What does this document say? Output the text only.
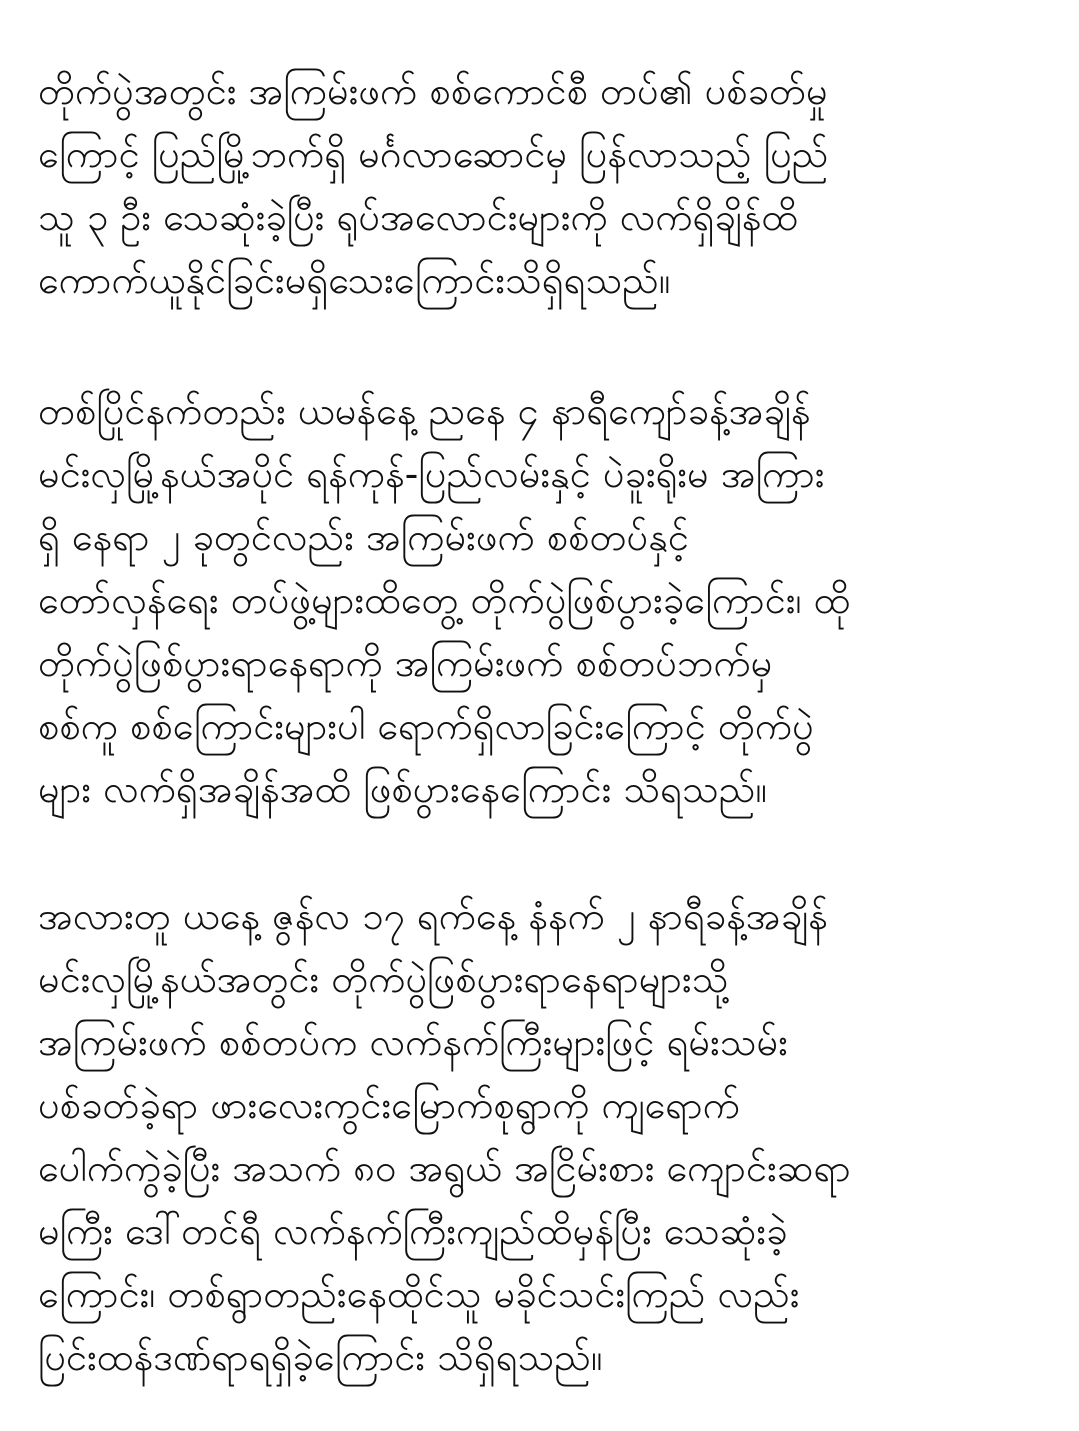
တိုက်ပွဲအတွင်း အကြမ်းဖက် စစ်ကောင်စီ တပ်၏ ပစ်ခတ်မှု
ကြောင့် ပြည်မြို့ဘက်ရှိ မင်္ဂလာဆောင်မှ ပြန်လာသည့် ပြည်
သူ ၃ ဦး သေဆုံးခဲ့ပြီး ရုပ်အလောင်းများကို လက်ရှိချိန်ထိ
ကောက်ယူနိုင်ခြင်းမရှိသေးကြောင်းသိရှိရသည်။
တစ်ပြိုင်နက်တည်း ယမန်နေ့ ညနေ ၄ နာရီကျော်ခန့်အချိန်
မင်းလှမြို့နယ်အပိုင် ရန်ကုန်-ပြည်လမ်းနှင့် ပဲခူးရိုးမ အကြား
ရှိ နေရာ ၂ ခုတွင်လည်း အကြမ်းဖက် စစ်တပ်နှင့်
တော်လှန်ရေး တပ်ဖွဲ့များထိတွေ့ တိုက်ပွဲဖြစ်ပွားခဲ့ကြောင်း၊ ထို
တိုက်ပွဲဖြစ်ပွားရာနေရာကို အကြမ်းဖက် စစ်တပ်ဘက်မှ
စစ်ကူ စစ်ကြောင်းများပါ ရောက်ရှိလာခြင်းကြောင့် တိုက်ပွဲ
များ လက်ရှိအချိန်အထိ ဖြစ်ပွားနေကြောင်း သိရသည်။
အလားတူ ယနေ့ ဇွန်လ ၁၇ ရက်နေ့ နံနက် ၂ နာရီခန့်အချိန်
မင်းလှမြို့နယ်အတွင်း တိုက်ပွဲဖြစ်ပွားရာနေရာများသို့
အကြမ်းဖက် စစ်တပ်က လက်နက်ကြီးများဖြင့် ရမ်းသမ်း
ပစ်ခတ်ခဲ့ရာ ဖားလေးကွင်းမြောက်စုရွာကို ကျရောက်
ပေါက်ကွဲခဲ့ပြီး အသက် ၈၀ အရွယ် အငြိမ်းစား ကျောင်းဆရာ
မကြီး ဒေါ်တင်ရီ လက်နက်ကြီးကျည်ထိမှန်ပြီး သေဆုံးခဲ့
ကြောင်း၊ တစ်ရွာတည်းနေထိုင်သူ မခိုင်သင်းကြည် လည်း
ပြင်းထန်ဒဏ်ရာရရှိခဲ့ကြောင်း သိရှိရသည်။
